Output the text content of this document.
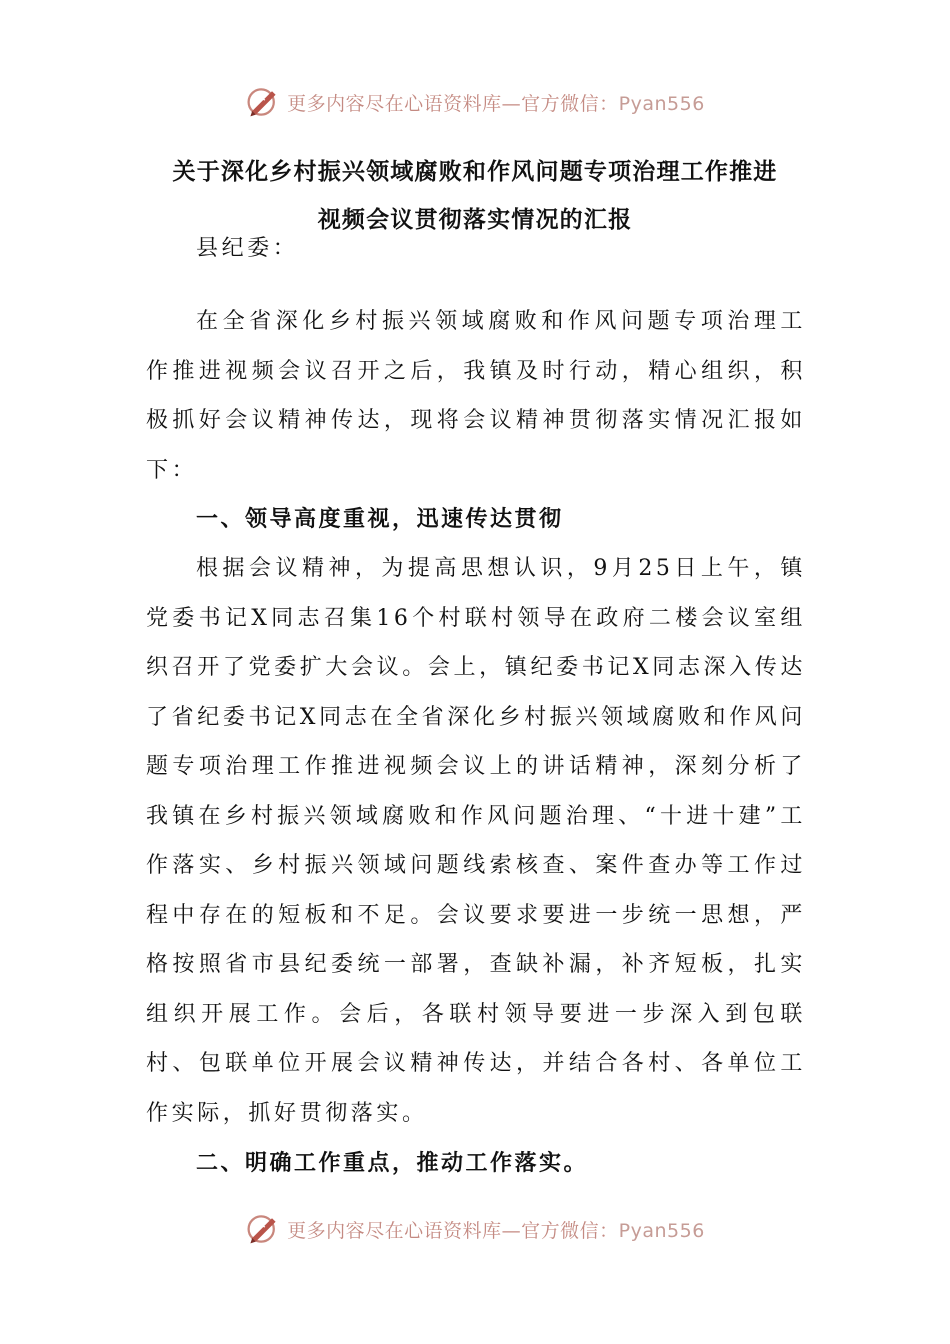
更多内容尽在心语资料库—官方微信：Pyan556
关于深化乡村振兴领域腐败和作风问题专项治理工作推进
视频会议贯彻落实情况的汇报
县纪委：

在全省深化乡村振兴领域腐败和作风问题专项治理工作推进视频会议召开之后，我镇及时行动，精心组织，积极抓好会议精神传达，现将会议精神贯彻落实情况汇报如下：

一、领导高度重视，迅速传达贯彻

根据会议精神，为提高思想认识，9月25日上午，镇党委书记X同志召集16个村联村领导在政府二楼会议室组织召开了党委扩大会议。会上，镇纪委书记X同志深入传达了省纪委书记X同志在全省深化乡村振兴领域腐败和作风问题专项治理工作推进视频会议上的讲话精神，深刻分析了我镇在乡村振兴领域腐败和作风问题治理、“十进十建”工作落实、乡村振兴领域问题线索核查、案件查办等工作过程中存在的短板和不足。会议要求要进一步统一思想，严格按照省市县纪委统一部署，查缺补漏，补齐短板，扎实组织开展工作。会后，各联村领导要进一步深入到包联村、包联单位开展会议精神传达，并结合各村、各单位工作实际，抓好贯彻落实。

二、明确工作重点，推动工作落实。
更多内容尽在心语资料库—官方微信：Pyan556
